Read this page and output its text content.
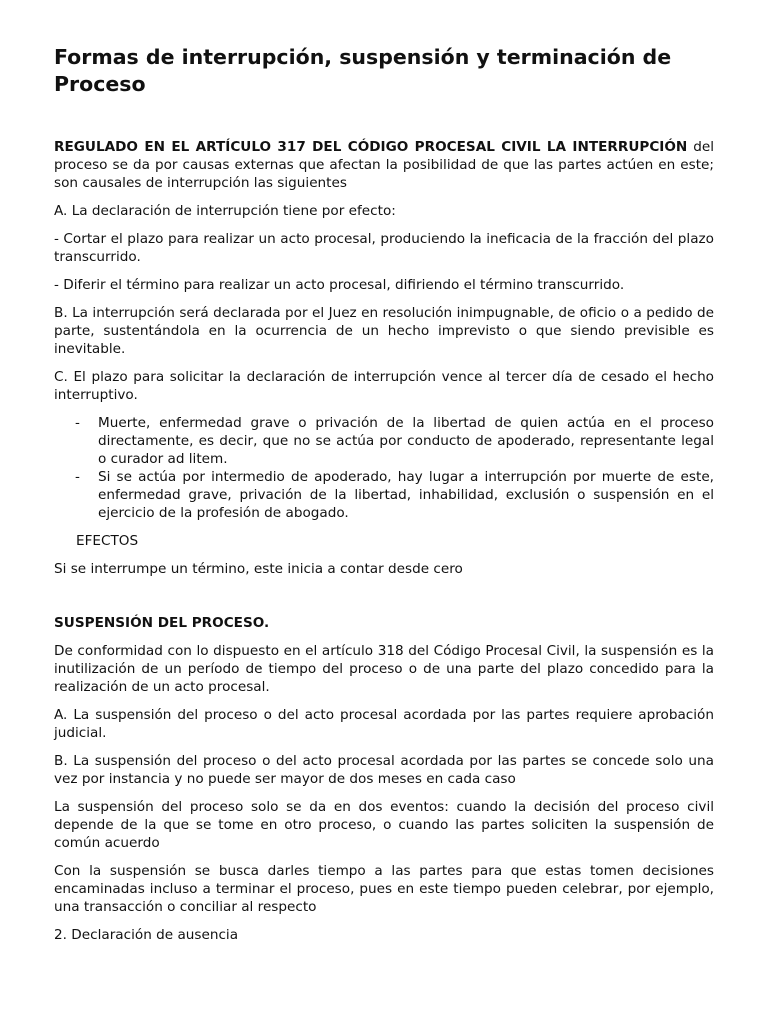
Formas de interrupción, suspensión y terminación de Proceso

REGULADO EN EL ARTÍCULO 317 DEL CÓDIGO PROCESAL CIVIL LA INTERRUPCIÓN del proceso se da por causas externas que afectan la posibilidad de que las partes actúen en este; son causales de interrupción las siguientes

A. La declaración de interrupción tiene por efecto:

- Cortar el plazo para realizar un acto procesal, produciendo la ineficacia de la fracción del plazo transcurrido.

- Diferir el término para realizar un acto procesal, difiriendo el término transcurrido.

B. La interrupción será declarada por el Juez en resolución inimpugnable, de oficio o a pedido de parte, sustentándola en la ocurrencia de un hecho imprevisto o que siendo previsible es inevitable.

C. El plazo para solicitar la declaración de interrupción vence al tercer día de cesado el hecho interruptivo.

- Muerte, enfermedad grave o privación de la libertad de quien actúa en el proceso directamente, es decir, que no se actúa por conducto de apoderado, representante legal o curador ad litem.
- Si se actúa por intermedio de apoderado, hay lugar a interrupción por muerte de este, enfermedad grave, privación de la libertad, inhabilidad, exclusión o suspensión en el ejercicio de la profesión de abogado.

EFECTOS

Si se interrumpe un término, este inicia a contar desde cero

SUSPENSIÓN DEL PROCESO.

De conformidad con lo dispuesto en el artículo 318 del Código Procesal Civil, la suspensión es la inutilización de un período de tiempo del proceso o de una parte del plazo concedido para la realización de un acto procesal.

A. La suspensión del proceso o del acto procesal acordada por las partes requiere aprobación judicial.

B. La suspensión del proceso o del acto procesal acordada por las partes se concede solo una vez por instancia y no puede ser mayor de dos meses en cada caso

La suspensión del proceso solo se da en dos eventos: cuando la decisión del proceso civil depende de la que se tome en otro proceso, o cuando las partes soliciten la suspensión de común acuerdo

Con la suspensión se busca darles tiempo a las partes para que estas tomen decisiones encaminadas incluso a terminar el proceso, pues en este tiempo pueden celebrar, por ejemplo, una transacción o conciliar al respecto

2. Declaración de ausencia
